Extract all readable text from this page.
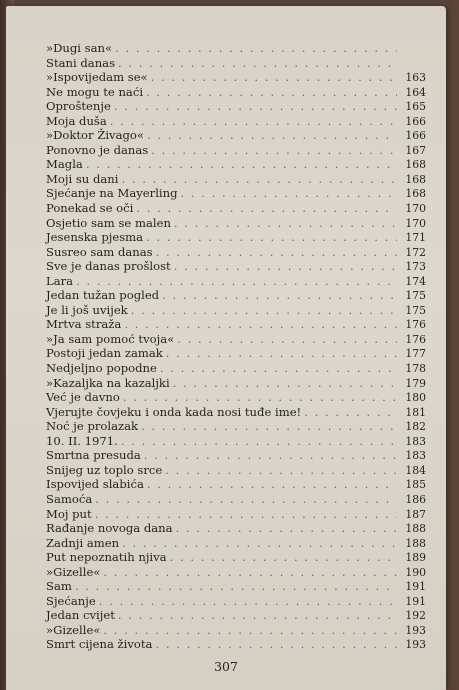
»Dugi san«
. . .
Stani danas
. . .
»Ispovijedam se« . . .	163
Ne mogu te naći . . .	164
Oproštenje . . .	165
Moja duša . . .	166
»Doktor Živago« . . .	166
Ponovno je danas . . .	167
Magla . . .	168
Moji su dani . . .	168
Sjećanje na Mayerling . . .	168
Ponekad se oči . . .	170
Osjetio sam se malen . . .	170
Jesenska pjesma . . .	171
Susreo sam danas . . .	172
Sve je danas prošlost . . .	173
Lara . . .	174
Jedan tužan pogled . . .	175
Je li još uvijek . . .	175
Mrtva straža . . .	176
»Ja sam pomoć tvoja« . . .	176
Postoji jedan zamak . . .	177
Nedjeljno popodne . . .	178
»Kazaljka na kazaljki . . .	179
Već je davno . . .	180
Vjerujte čovjeku i onda kada nosi tuđe ime! . . .	181
Noć je prolazak . . .	182
10. II. 1971. . . .	183
Smrtna presuda . . .	183
Snijeg uz toplo srce . . .	184
Ispovijed slabića . . .	185
Samoća . . .	186
Moj put . . .	187
Rađanje novoga dana . . .	188
Zadnji amen . . .	188
Put nepoznatih njiva . . .	189
»Gizelle« . . .	190
Sam . . .	191
Sjećanje . . .	191
Jedan cvijet . . .	192
»Gizelle« . . .	193
Smrt cijena života . . .	193
307
